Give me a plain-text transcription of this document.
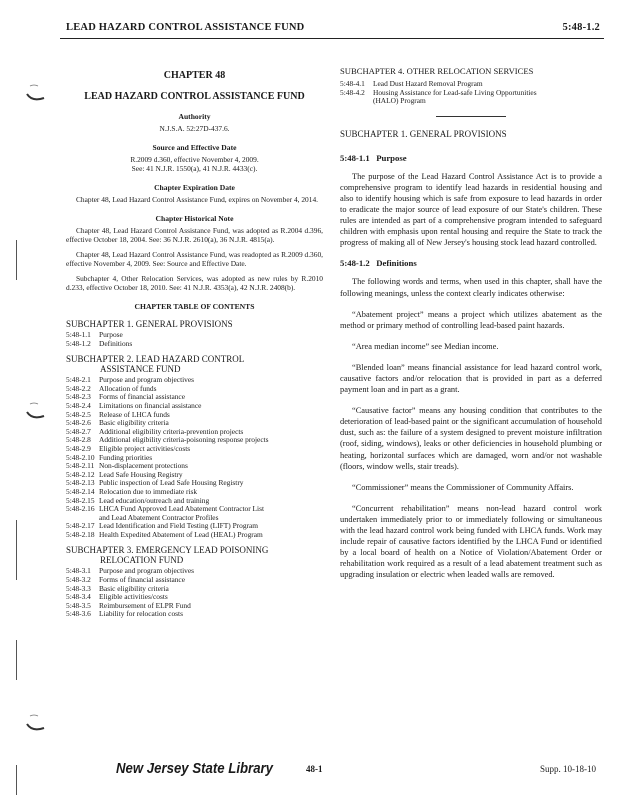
LEAD HAZARD CONTROL ASSISTANCE FUND	5:48-1.2
CHAPTER 48
LEAD HAZARD CONTROL ASSISTANCE FUND
Authority
N.J.S.A. 52:27D-437.6.
Source and Effective Date
R.2009 d.360, effective November 4, 2009.
See: 41 N.J.R. 1550(a), 41 N.J.R. 4433(c).
Chapter Expiration Date
Chapter 48, Lead Hazard Control Assistance Fund, expires on November 4, 2014.
Chapter Historical Note
Chapter 48, Lead Hazard Control Assistance Fund, was adopted as R.2004 d.396, effective October 18, 2004. See: 36 N.J.R. 2610(a), 36 N.J.R. 4815(a).
Chapter 48, Lead Hazard Control Assistance Fund, was readopted as R.2009 d.360, effective November 4, 2009. See: Source and Effective Date.
Subchapter 4, Other Relocation Services, was adopted as new rules by R.2010 d.233, effective October 18, 2010. See: 41 N.J.R. 4353(a), 42 N.J.R. 2408(b).
CHAPTER TABLE OF CONTENTS
SUBCHAPTER 1. GENERAL PROVISIONS
5:48-1.1	Purpose
5:48-1.2	Definitions
SUBCHAPTER 2. LEAD HAZARD CONTROL
ASSISTANCE FUND
5:48-2.1	Purpose and program objectives
5:48-2.2	Allocation of funds
5:48-2.3	Forms of financial assistance
5:48-2.4	Limitations on financial assistance
5:48-2.5	Release of LHCA funds
5:48-2.6	Basic eligibility criteria
5:48-2.7	Additional eligibility criteria-prevention projects
5:48-2.8	Additional eligibility criteria-poisoning response projects
5:48-2.9	Eligible project activities/costs
5:48-2.10 Funding priorities
5:48-2.11 Non-displacement protections
5:48-2.12 Lead Safe Housing Registry
5:48-2.13 Public inspection of Lead Safe Housing Registry
5:48-2.14 Relocation due to immediate risk
5:48-2.15 Lead education/outreach and training
5:48-2.16 LHCA Fund Approved Lead Abatement Contractor List
and Lead Abatement Contractor Profiles
5:48-2.17 Lead Identification and Field Testing (LIFT) Program
5:48-2.18 Health Expedited Abatement of Lead (HEAL) Program
SUBCHAPTER 3. EMERGENCY LEAD POISONING
RELOCATION FUND
5:48-3.1	Purpose and program objectives
5:48-3.2	Forms of financial assistance
5:48-3.3	Basic eligibility criteria
5:48-3.4	Eligible activities/costs
5:48-3.5	Reimbursement of ELPR Fund
5:48-3.6	Liability for relocation costs
SUBCHAPTER 4. OTHER RELOCATION SERVICES
5:48-4.1	Lead Dust Hazard Removal Program
5:48-4.2	Housing Assistance for Lead-safe Living Opportunities
(HALO) Program
SUBCHAPTER 1. GENERAL PROVISIONS
5:48-1.1   Purpose
The purpose of the Lead Hazard Control Assistance Act is to provide a comprehensive program to identify lead hazards in residential housing and also to identify housing which is safe from exposure to lead hazards in order to eradicate the major source of lead exposure of our State's children. These rules are intended as part of a comprehensive program intended to safeguard children with emphasis upon rental housing and require the State to track the progress of making all of New Jersey's housing stock lead hazard controlled.
5:48-1.2   Definitions
The following words and terms, when used in this chapter, shall have the following meanings, unless the context clearly indicates otherwise:
“Abatement project” means a project which utilizes abatement as the method or primary method of controlling lead-based paint hazards.
“Area median income” see Median income.
“Blended loan” means financial assistance for lead hazard control work, causative factors and/or relocation that is provided in part as a deferred payment loan and in part as a grant.
“Causative factor” means any housing condition that contributes to the deterioration of lead-based paint or the significant accumulation of household dust, such as: the failure of a system designed to prevent moisture infiltration (roof, siding, windows), leaks or other deficiencies in household plumbing or heating, horizontal surfaces which are damaged, worn and/or not washable (floors, window wells, stair treads).
“Commissioner” means the Commissioner of Community Affairs.
“Concurrent rehabilitation” means non-lead hazard control work undertaken immediately prior to or immediately following or simultaneous with the lead hazard control work being funded with LHCA funds. Work may include repair of causative factors identified by the LHCA Fund or identified by a local board of health on a Notice of Violation/Abatement Order or rehabilitation work required as a result of a lead abatement treatment such as upgrading insulation or electric when leaded walls are removed.
New Jersey State Library	48-1	Supp. 10-18-10
